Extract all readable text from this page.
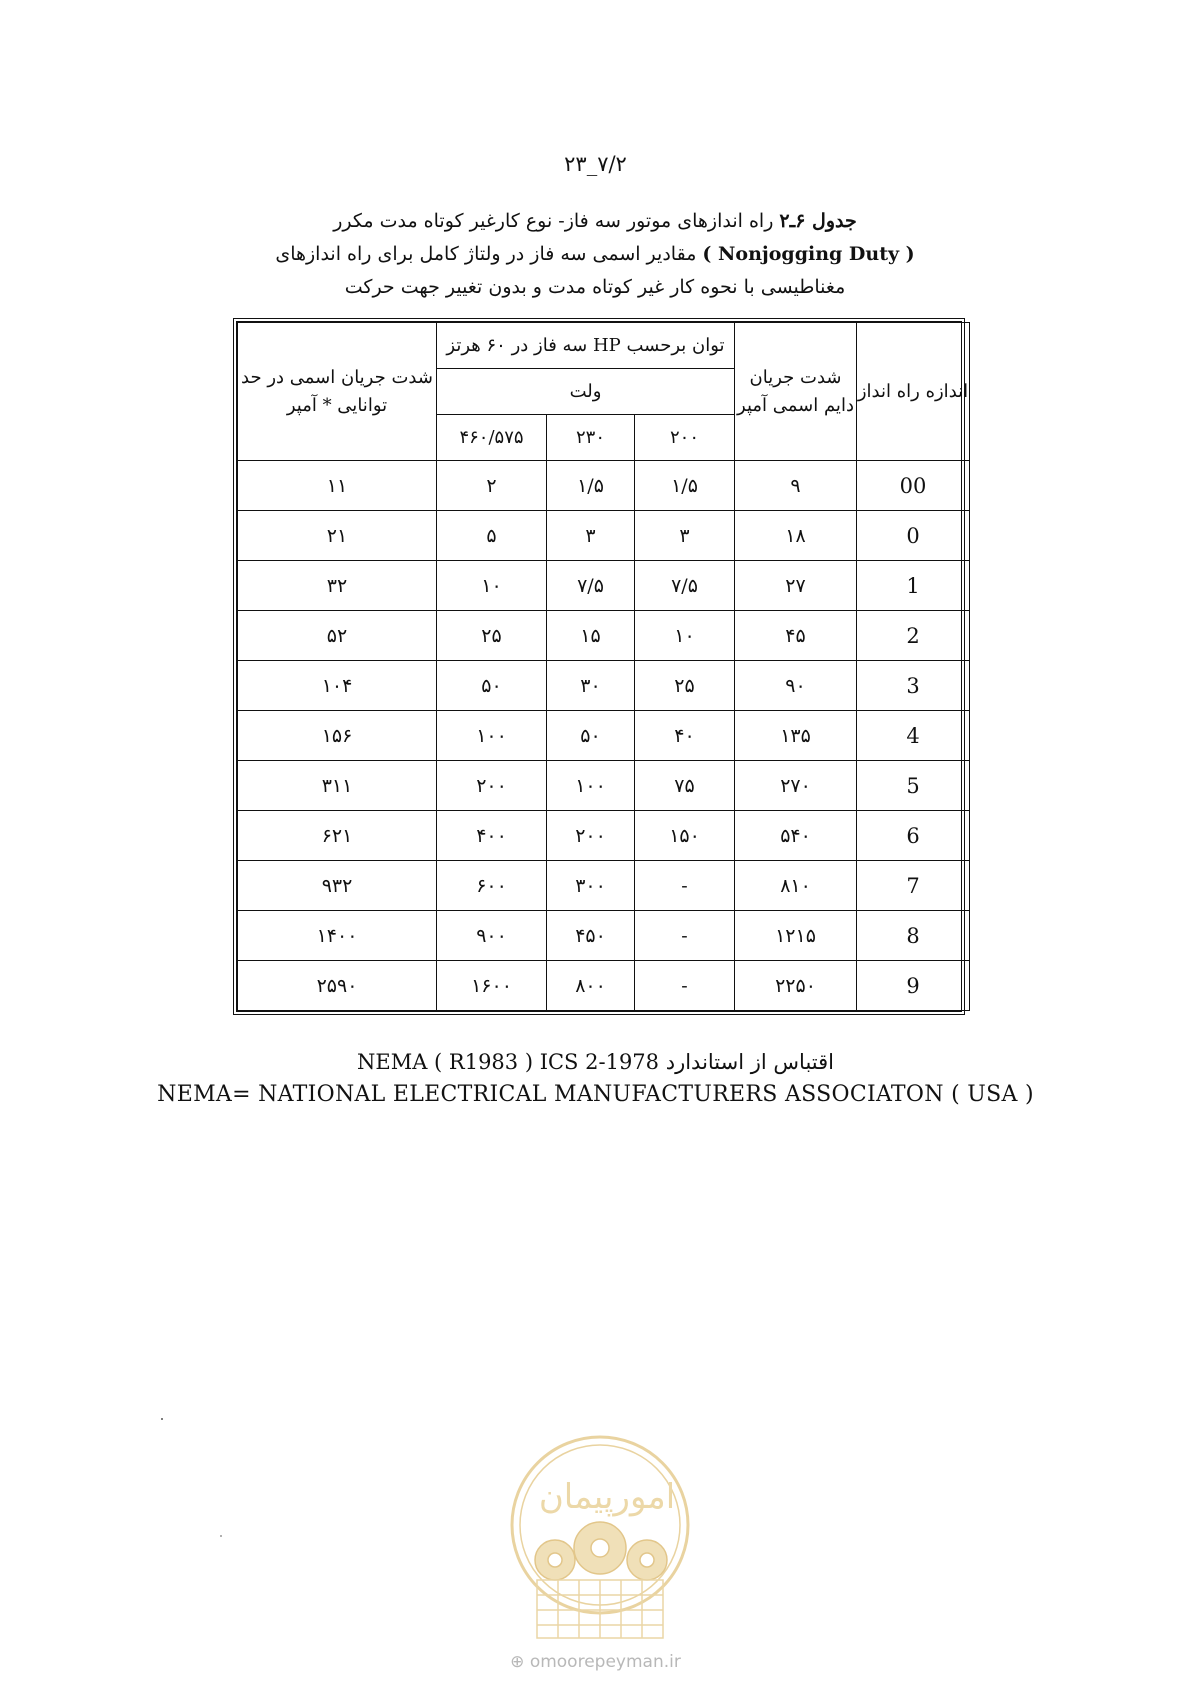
۷/۲_۲۳
جدول ۶ـ۲ راه اندازهای موتور سه فاز- نوع کارغیر کوتاه مدت مکرر
( Nonjogging Duty ) مقادیر اسمی سه فاز در ولتاژ کامل برای راه اندازهای
مغناطیسی با نحوه کار غیر کوتاه مدت و بدون تغییر جهت حرکت
اندازه راه انداز	شدت جریان دایم اسمی آمپر	توان برحسب HP سه فاز در ۶۰ هرتز			شدت جریان اسمی در حد توانایی * آمپر
		ولت			
		۲۰۰	۲۳۰	۴۶۰/۵۷۵	
00	۹	۱/۵	۱/۵	۲	۱۱
0	۱۸	۳	۳	۵	۲۱
1	۲۷	۷/۵	۷/۵	۱۰	۳۲
2	۴۵	۱۰	۱۵	۲۵	۵۲
3	۹۰	۲۵	۳۰	۵۰	۱۰۴
4	۱۳۵	۴۰	۵۰	۱۰۰	۱۵۶
5	۲۷۰	۷۵	۱۰۰	۲۰۰	۳۱۱
6	۵۴۰	۱۵۰	۲۰۰	۴۰۰	۶۲۱
7	۸۱۰	-	۳۰۰	۶۰۰	۹۳۲
8	۱۲۱۵	-	۴۵۰	۹۰۰	۱۴۰۰
9	۲۲۵۰	-	۸۰۰	۱۶۰۰	۲۵۹۰
اقتباس از استاندارد NEMA ( R1983 ) ICS 2-1978
NEMA= NATIONAL ELECTRICAL MANUFACTURERS ASSOCIATON ( USA )
امورپیمان
⊕ omoorepeyman.ir
